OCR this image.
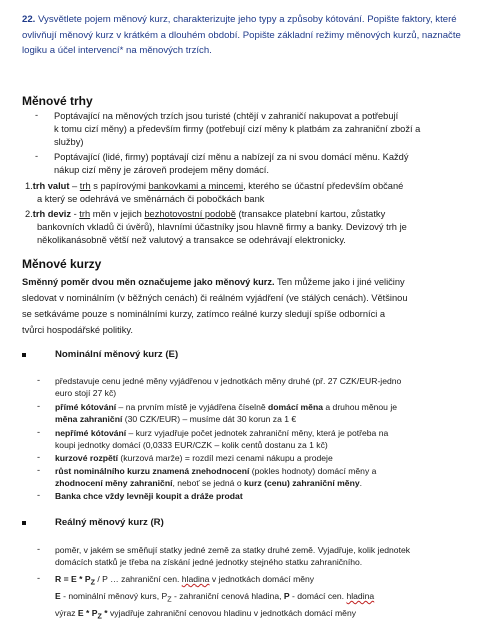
22. Vysvětlete pojem měnový kurz, charakterizujte jeho typy a způsoby kótování. Popište faktory, které ovlivňují měnový kurz v krátkém a dlouhém období. Popište základní režimy měnových kurzů, naznačte logiku a účel intervencí* na měnových trzích.
Měnové trhy
- Poptávající na měnových trzích jsou turisté (chtějí v zahraničí nakupovat a potřebují
k tomu cizí měny) a především firmy (potřebují cizí měny k platbám za zahraniční zboží a
služby)
- Poptávající (lidé, firmy) poptávají cizí měnu a nabízejí za ni svou domácí měnu. Každý
nákup cizí měny je zároveň prodejem měny domácí.
1.trh valut – trh s papírovými bankovkami a mincemi, kterého se účastní především občané
a který se odehrává ve směnárnách či pobočkách bank
2.trh deviz - trh měn v jejich bezhotovostní podobě (transakce platební kartou, zůstatky
bankovních vkladů či úvěrů), hlavními účastníky jsou hlavně firmy a banky. Devizový trh je
několikanásobně větší než valutový a transakce se odehrávají elektronicky.
Měnové kurzy
Směnný poměr dvou měn označujeme jako měnový kurz. Ten můžeme jako i jiné veličiny
sledovat v nominálním (v běžných cenách) či reálném vyjádření (ve stálých cenách). Většinou
se setkáváme pouze s nominálními kurzy, zatímco reálné kurzy sledují spíše odborníci a
tvůrci hospodářské politiky.
Nominální měnový kurz (E)
- představuje cenu jedné měny vyjádřenou v jednotkách měny druhé (př. 27 CZK/EUR-jedno
euro stojí 27 kč)
- přímé kótování – na prvním místě je vyjádřena číselně domácí měna a druhou měnou je
měna zahraniční (30 CZK/EUR) – musíme dát 30 korun za 1 €
- nepřímé kótování – kurz vyjadřuje počet jednotek zahraniční měny, která je potřeba na
koupi jednotky domácí (0,0333 EUR/CZK – kolik centů dostanu za 1 kč)
- kurzové rozpětí (kurzová marže) = rozdíl mezi cenami nákupu a prodeje
- růst nominálního kurzu znamená znehodnocení (pokles hodnoty) domácí měny a
zhodnocení měny zahraniční, neboť se jedná o kurz (cenu) zahraniční měny.
- Banka chce vždy levněji koupit a dráže prodat
Reálný měnový kurz (R)
- poměr, v jakém se směňují statky jedné země za statky druhé země. Vyjadřuje, kolik jednotek
domácích statků je třeba na získání jedné jednotky stejného statku zahraničního.
- $R = E * P_Z / P$ … zahraniční cen. hladina v jednotkách domácí měny
E - nominální měnový kurs, $P_Z$ - zahraniční cenová hladina, P - domácí cen. hladina
výraz E * $P_Z$ * vyjadřuje zahraniční cenovou hladinu v jednotkách domácí měny
